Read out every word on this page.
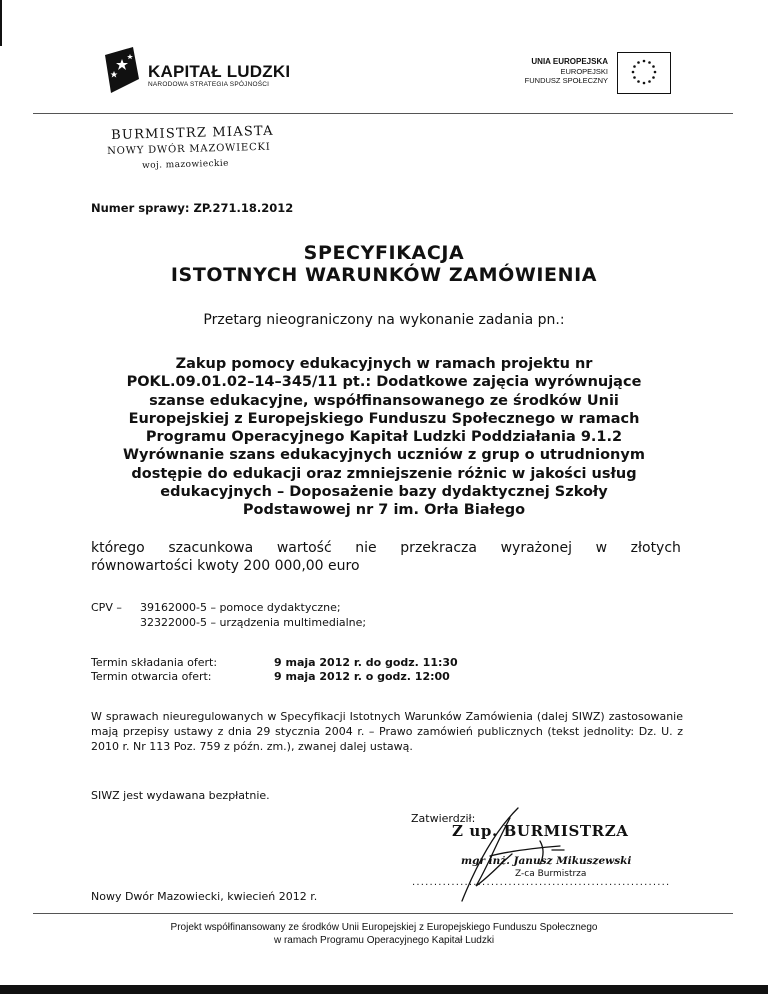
KAPITAŁ LUDZKI
NARODOWA STRATEGIA SPÓJNOŚCI
UNIA EUROPEJSKA
EUROPEJSKI
FUNDUSZ SPOŁECZNY
BURMISTRZ MIASTA
NOWY DWÓR MAZOWIECKI
woj. mazowieckie
Numer sprawy: ZP.271.18.2012
SPECYFIKACJA
ISTOTNYCH WARUNKÓW ZAMÓWIENIA
Przetarg nieograniczony na wykonanie zadania pn.:
Zakup pomocy edukacyjnych w ramach projektu nr
POKL.09.01.02–14–345/11 pt.: Dodatkowe zajęcia wyrównujące
szanse edukacyjne, współfinansowanego ze środków Unii
Europejskiej z Europejskiego Funduszu Społecznego w ramach
Programu Operacyjnego Kapitał Ludzki Poddziałania 9.1.2
Wyrównanie szans edukacyjnych uczniów z grup o utrudnionym
dostępie do edukacji oraz zmniejszenie różnic w jakości usług
edukacyjnych – Doposażenie bazy dydaktycznej Szkoły
Podstawowej nr 7 im. Orła Białego
którego szacunkowa wartość nie przekracza wyrażonej w złotych
równowartości kwoty 200 000,00 euro
CPV –	39162000-5 – pomoce dydaktyczne;
32322000-5 – urządzenia multimedialne;
Termin składania ofert:	9 maja 2012 r. do godz. 11:30
Termin otwarcia ofert:	9 maja 2012 r. o godz. 12:00
W sprawach nieuregulowanych w Specyfikacji Istotnych Warunków Zamówienia (dalej SIWZ) zastosowanie mają przepisy ustawy z dnia 29 stycznia 2004 r. – Prawo zamówień publicznych (tekst jednolity: Dz. U. z 2010 r. Nr 113 Poz. 759 z późn. zm.), zwanej dalej ustawą.
SIWZ jest wydawana bezpłatnie.
Zatwierdził:
Z up. BURMISTRZA
mgr inż. Janusz Mikuszewski
Z-ca Burmistrza
...........................................................
Nowy Dwór Mazowiecki, kwiecień 2012 r.
Projekt współfinansowany ze środków Unii Europejskiej z Europejskiego Funduszu Społecznego
w ramach Programu Operacyjnego Kapitał Ludzki
